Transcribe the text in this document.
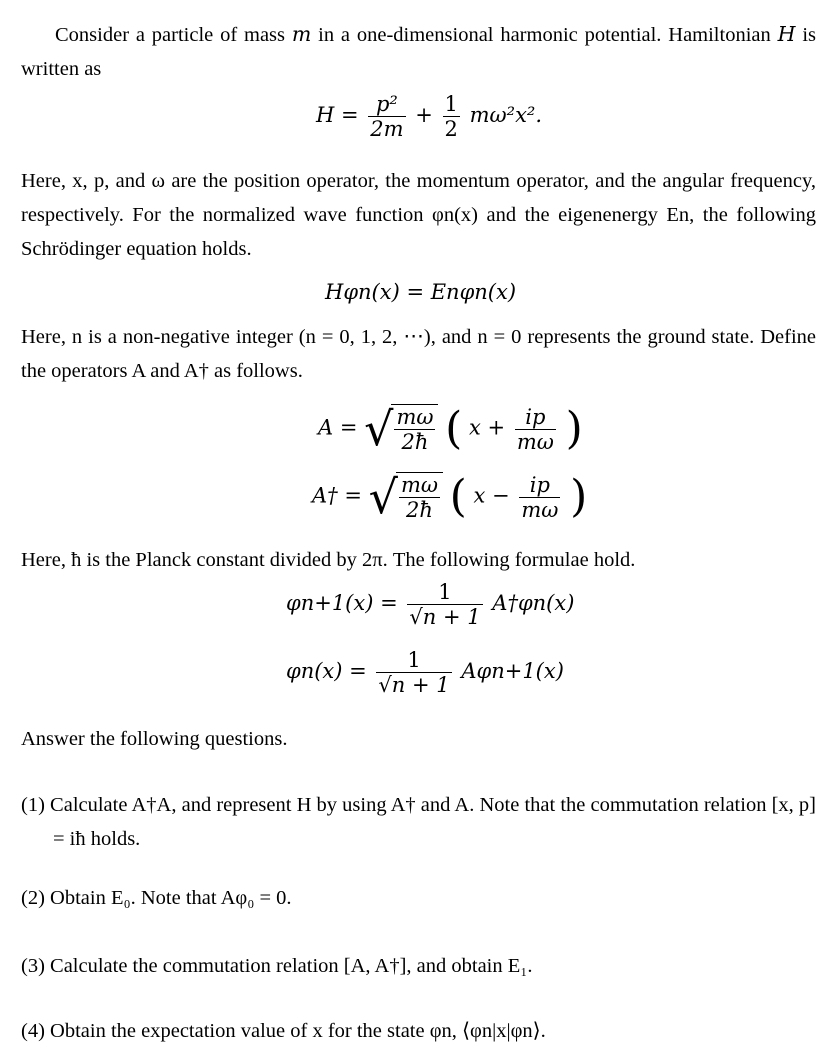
Consider a particle of mass m in a one-dimensional harmonic potential. Hamiltonian H is written as
$H = \frac{\text{p²}}{2m} + \frac{1}{2} m\omega^2x^2$.
Here, x, p, and ω are the position operator, the momentum operator, and the angular frequency, respectively. For the normalized wave function φn(x) and the eigenenergy En, the following Schrödinger equation holds.
Hφn(x) = Enφn(x)
Here, n is a non-negative integer (n = 0, 1, 2, ⋯), and n = 0 represents the ground state. Define the operators A and A† as follows.
A = √ $\frac{m\omega}{2ħ}$ ( $x + \frac{ip}{m\omega}$ )
A† = √ $\frac{m\omega}{2ħ}$ ( $x - \frac{ip}{m\omega}$ )
Here, ħ is the Planck constant divided by 2π. The following formulae hold.
$\varphi n+1(x) = \frac{1}{√n + 1}$ A†φn(x)
$\varphi n(x) = \frac{1}{√n + 1} A\varphi n+1(x)$
Answer the following questions.
(1) Calculate A†A, and represent H by using A† and A. Note that the commutation relation [x, p] = iħ holds.
(2) Obtain E₀. Note that Aφ₀ = 0.
(3) Calculate the commutation relation [A, A†], and obtain E₁.
(4) Obtain the expectation value of x for the state φn, ⟨φn|x|φn⟩.
